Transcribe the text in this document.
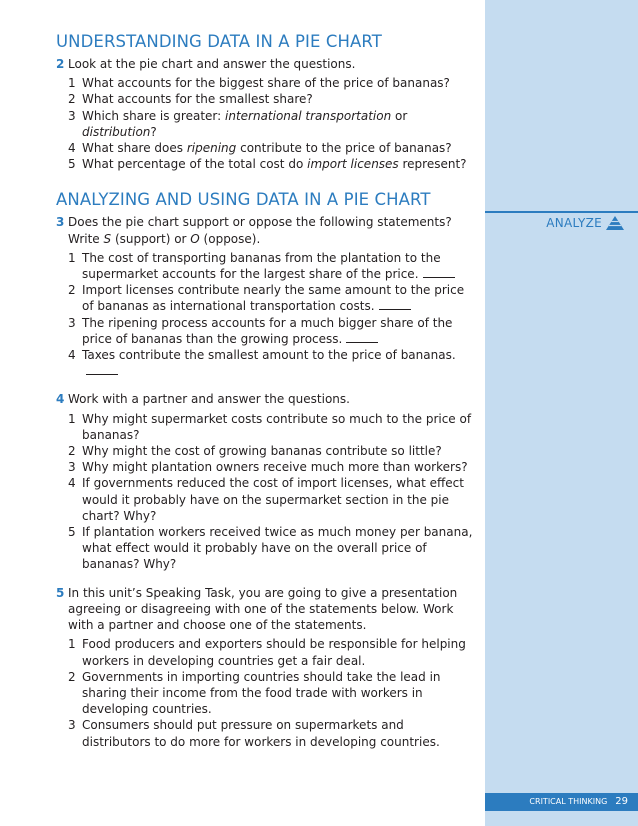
ANALYZE
UNDERSTANDING DATA IN A PIE CHART

2 Look at the pie chart and answer the questions.

1 What accounts for the biggest share of the price of bananas?
2 What accounts for the smallest share?
3 Which share is greater: international transportation or distribution?
4 What share does ripening contribute to the price of bananas?
5 What percentage of the total cost do import licenses represent?
ANALYZING AND USING DATA IN A PIE CHART

3 Does the pie chart support or oppose the following statements?
Write S (support) or O (oppose).

1 The cost of transporting bananas from the plantation to the supermarket accounts for the largest share of the price.
2 Import licenses contribute nearly the same amount to the price of bananas as international transportation costs.
3 The ripening process accounts for a much bigger share of the price of bananas than the growing process.
4 Taxes contribute the smallest amount to the price of bananas.

4 Work with a partner and answer the questions.

1 Why might supermarket costs contribute so much to the price of bananas?
2 Why might the cost of growing bananas contribute so little?
3 Why might plantation owners receive much more than workers?
4 If governments reduced the cost of import licenses, what effect would it probably have on the supermarket section in the pie chart? Why?
5 If plantation workers received twice as much money per banana, what effect would it probably have on the overall price of bananas? Why?

5 In this unit’s Speaking Task, you are going to give a presentation agreeing or disagreeing with one of the statements below. Work with a partner and choose one of the statements.

1 Food producers and exporters should be responsible for helping workers in developing countries get a fair deal.
2 Governments in importing countries should take the lead in sharing their income from the food trade with workers in developing countries.
3 Consumers should put pressure on supermarkets and distributors to do more for workers in developing countries.
CRITICAL THINKING 29
